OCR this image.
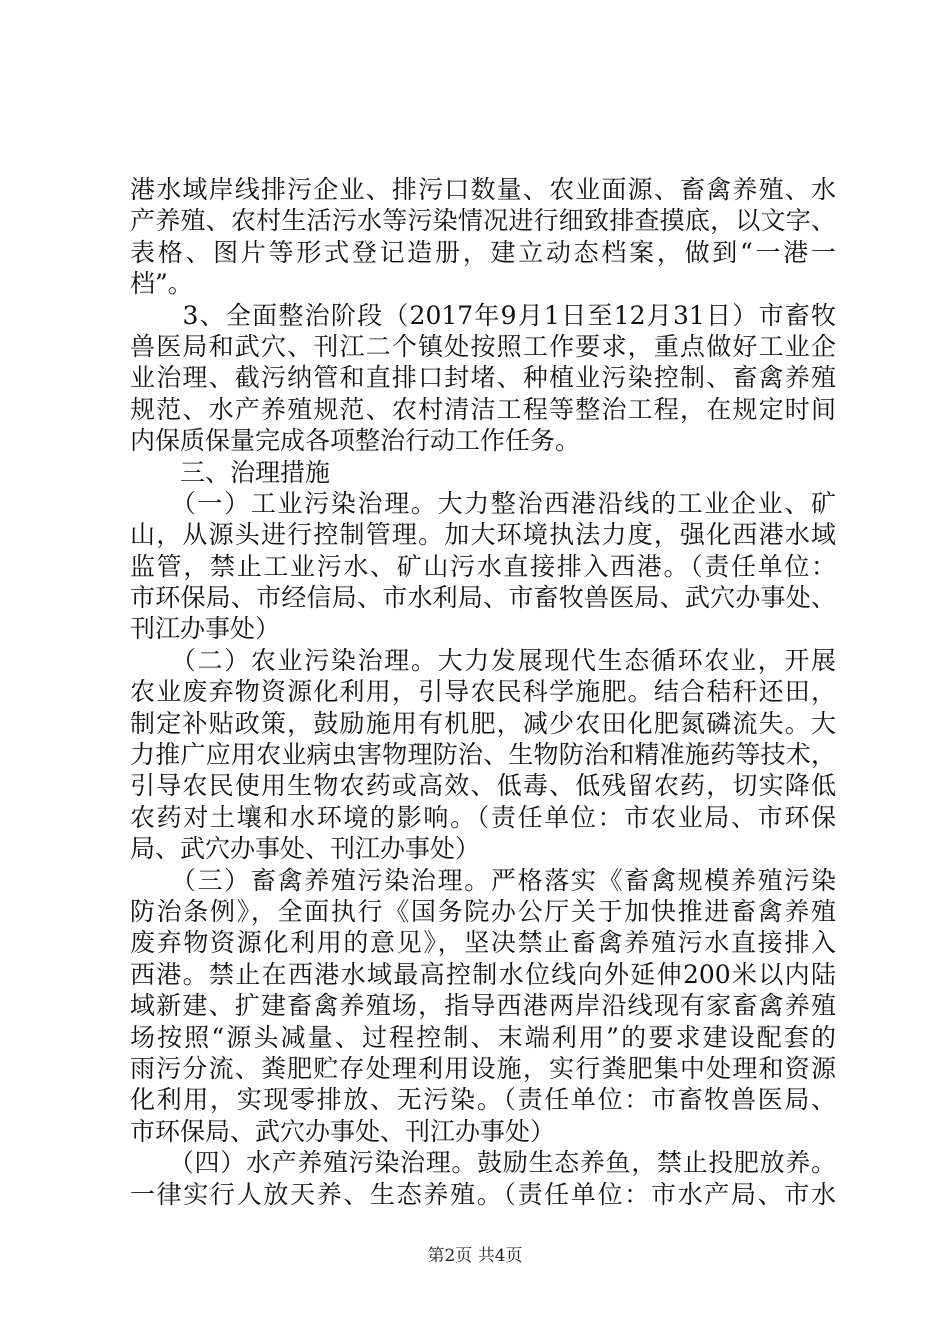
港水域岸线排污企业、排污口数量、农业面源、畜禽养殖、水
产养殖、农村生活污水等污染情况进行细致排查摸底，以文字、
表格、图片等形式登记造册，建立动态档案，做到“一港一
档”。
　　3、全面整治阶段（2017年9月1日至12月31日）市畜牧
兽医局和武穴、刊江二个镇处按照工作要求，重点做好工业企
业治理、截污纳管和直排口封堵、种植业污染控制、畜禽养殖
规范、水产养殖规范、农村清洁工程等整治工程，在规定时间
内保质保量完成各项整治行动工作任务。
　　三、治理措施
　　（一）工业污染治理。大力整治西港沿线的工业企业、矿
山，从源头进行控制管理。加大环境执法力度，强化西港水域
监管，禁止工业污水、矿山污水直接排入西港。（责任单位：
市环保局、市经信局、市水利局、市畜牧兽医局、武穴办事处、
刊江办事处）
　　（二）农业污染治理。大力发展现代生态循环农业，开展
农业废弃物资源化利用，引导农民科学施肥。结合秸秆还田，
制定补贴政策，鼓励施用有机肥，减少农田化肥氮磷流失。大
力推广应用农业病虫害物理防治、生物防治和精准施药等技术，
引导农民使用生物农药或高效、低毒、低残留农药，切实降低
农药对土壤和水环境的影响。（责任单位：市农业局、市环保
局、武穴办事处、刊江办事处）
　　（三）畜禽养殖污染治理。严格落实《畜禽规模养殖污染
防治条例》，全面执行《国务院办公厅关于加快推进畜禽养殖
废弃物资源化利用的意见》，坚决禁止畜禽养殖污水直接排入
西港。禁止在西港水域最高控制水位线向外延伸200米以内陆
域新建、扩建畜禽养殖场，指导西港两岸沿线现有家畜禽养殖
场按照“源头减量、过程控制、末端利用”的要求建设配套的
雨污分流、粪肥贮存处理利用设施，实行粪肥集中处理和资源
化利用，实现零排放、无污染。（责任单位：市畜牧兽医局、
市环保局、武穴办事处、刊江办事处）
　　（四）水产养殖污染治理。鼓励生态养鱼，禁止投肥放养。
一律实行人放天养、生态养殖。（责任单位：市水产局、市水
第2页 共4页
